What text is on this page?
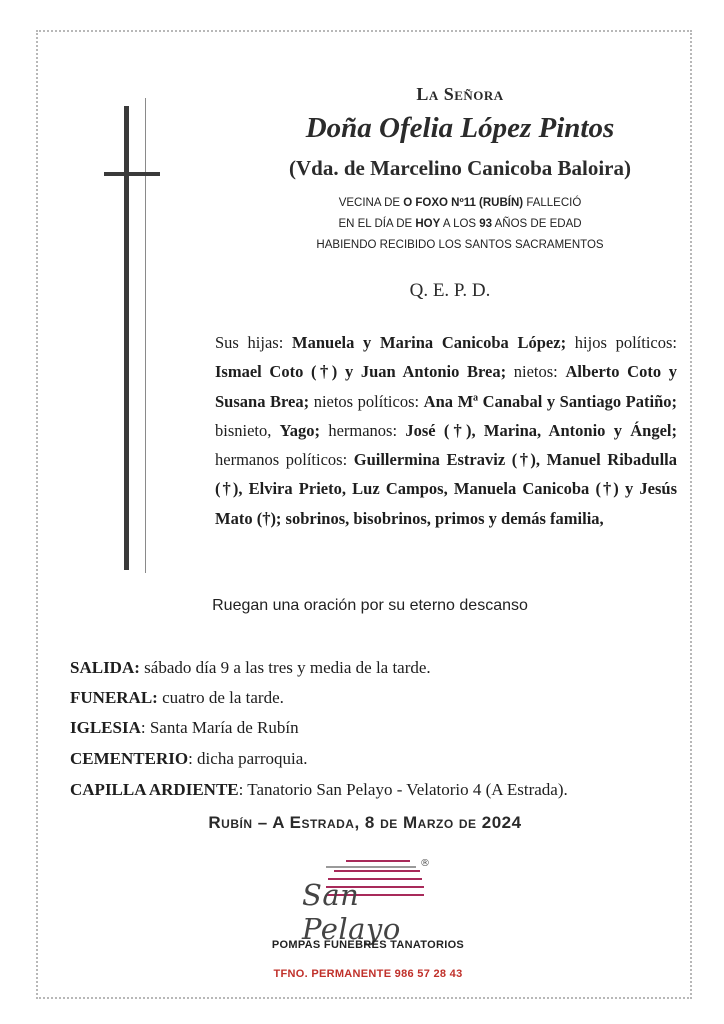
La Señora
Doña Ofelia López Pintos
(Vda. de Marcelino Canicoba Baloira)
VECINA DE O FOXO Nº11 (RUBÍN) FALLECIÓ
EN EL DÍA DE HOY A LOS 93 AÑOS DE EDAD
HABIENDO RECIBIDO LOS SANTOS SACRAMENTOS
Q. E. P. D.
Sus hijas: Manuela y Marina Canicoba López; hijos políticos: Ismael Coto (†) y Juan Antonio Brea; nietos: Alberto Coto y Susana Brea; nietos políticos: Ana Mª Canabal y Santiago Patiño; bisnieto, Yago; hermanos: José (†), Marina, Antonio y Ángel; hermanos políticos: Guillermina Estraviz (†), Manuel Ribadulla (†), Elvira Prieto, Luz Campos, Manuela Canicoba (†) y Jesús Mato (†); sobrinos, bisobrinos, primos y demás familia,
Ruegan una oración por su eterno descanso
SALIDA: sábado día 9 a las tres y media de la tarde.
FUNERAL: cuatro de la tarde.
IGLESIA: Santa María de Rubín
CEMENTERIO: dicha parroquia.
CAPILLA ARDIENTE: Tanatorio San Pelayo - Velatorio 4 (A Estrada).
Rubín – A Estrada, 8 de Marzo de 2024
San Pelayo
®
POMPAS FUNEBRES TANATORIOS
TFNO. PERMANENTE 986 57 28 43
